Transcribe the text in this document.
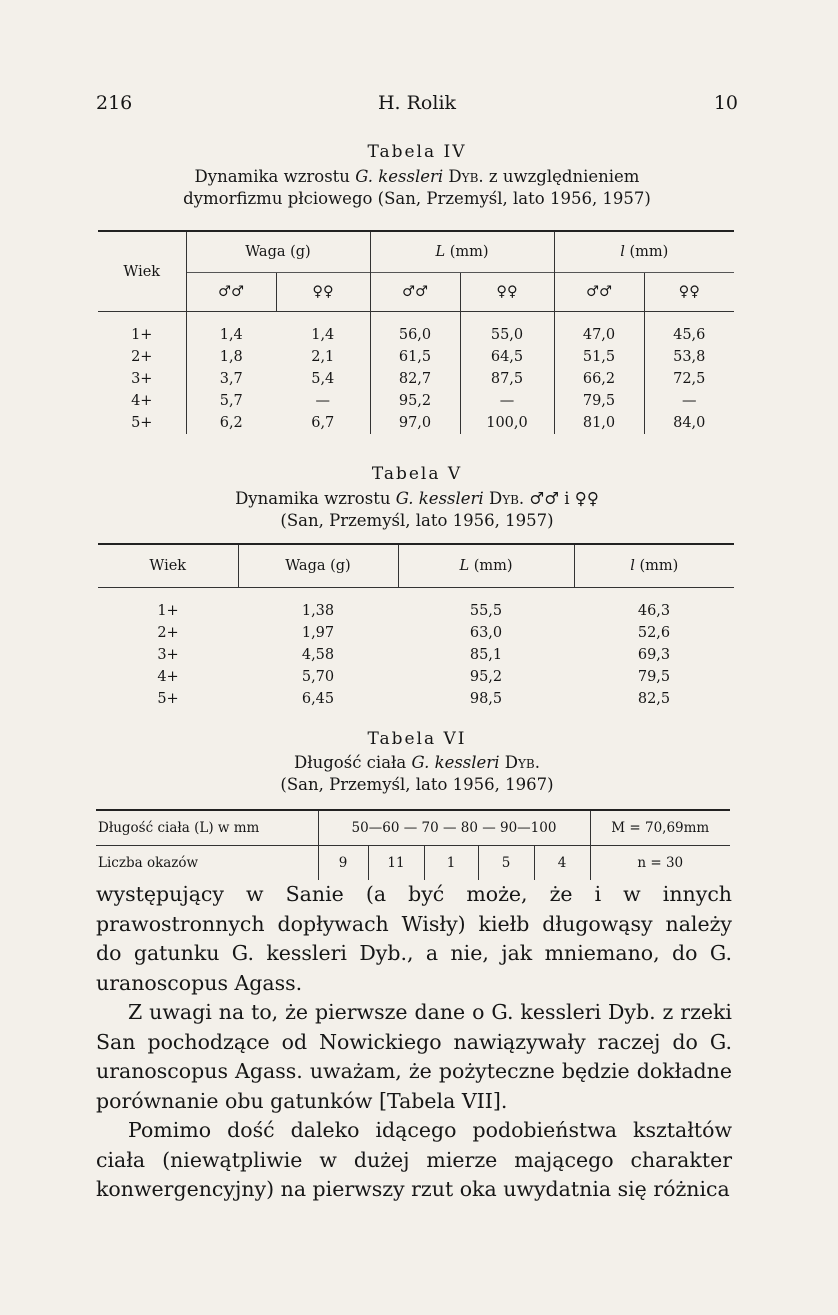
216	H. Rolik	10
Tabela IV
Dynamika wzrostu G. kessleri Dyb. z uwzględnieniem
dymorfizmu płciowego (San, Przemyśl, lato 1956, 1957)
Wiek	Waga (g)		L (mm)		l (mm)	
	♂♂	♀♀	♂♂	♀♀	♂♂	♀♀
1+	1,4	1,4	56,0	55,0	47,0	45,6
2+	1,8	2,1	61,5	64,5	51,5	53,8
3+	3,7	5,4	82,7	87,5	66,2	72,5
4+	5,7	—	95,2	—	79,5	—
5+	6,2	6,7	97,0	100,0	81,0	84,0
Tabela V
Dynamika wzrostu G. kessleri Dyb. ♂♂ i ♀♀
(San, Przemyśl, lato 1956, 1957)
Wiek	Waga (g)	L (mm)	l (mm)
1+	1,38	55,5	46,3
2+	1,97	63,0	52,6
3+	4,58	85,1	69,3
4+	5,70	95,2	79,5
5+	6,45	98,5	82,5
Tabela VI
Długość ciała G. kessleri Dyb.
(San, Przemyśl, lato 1956, 1967)
Długość ciała (L) w mm	50—60 — 70 — 80 — 90—100					M = 70,69mm
Liczba okazów	9	11	1	5	4	n = 30

występujący w Sanie (a być może, że i w innych prawostronnych dopływach Wisły) kiełb długowąsy należy do gatunku G. kessleri Dyb., a nie, jak mniemano, do G. uranoscopus Agass.

Z uwagi na to, że pierwsze dane o G. kessleri Dyb. z rzeki San pochodzące od Nowickiego nawiązywały raczej do G. uranoscopus Agass. uważam, że pożyteczne będzie dokładne porównanie obu gatunków [Tabela VII].

Pomimo dość daleko idącego podobieństwa kształtów ciała (niewątpliwie w dużej mierze mającego charakter konwergencyjny) na pierwszy rzut oka uwydatnia się różnica
